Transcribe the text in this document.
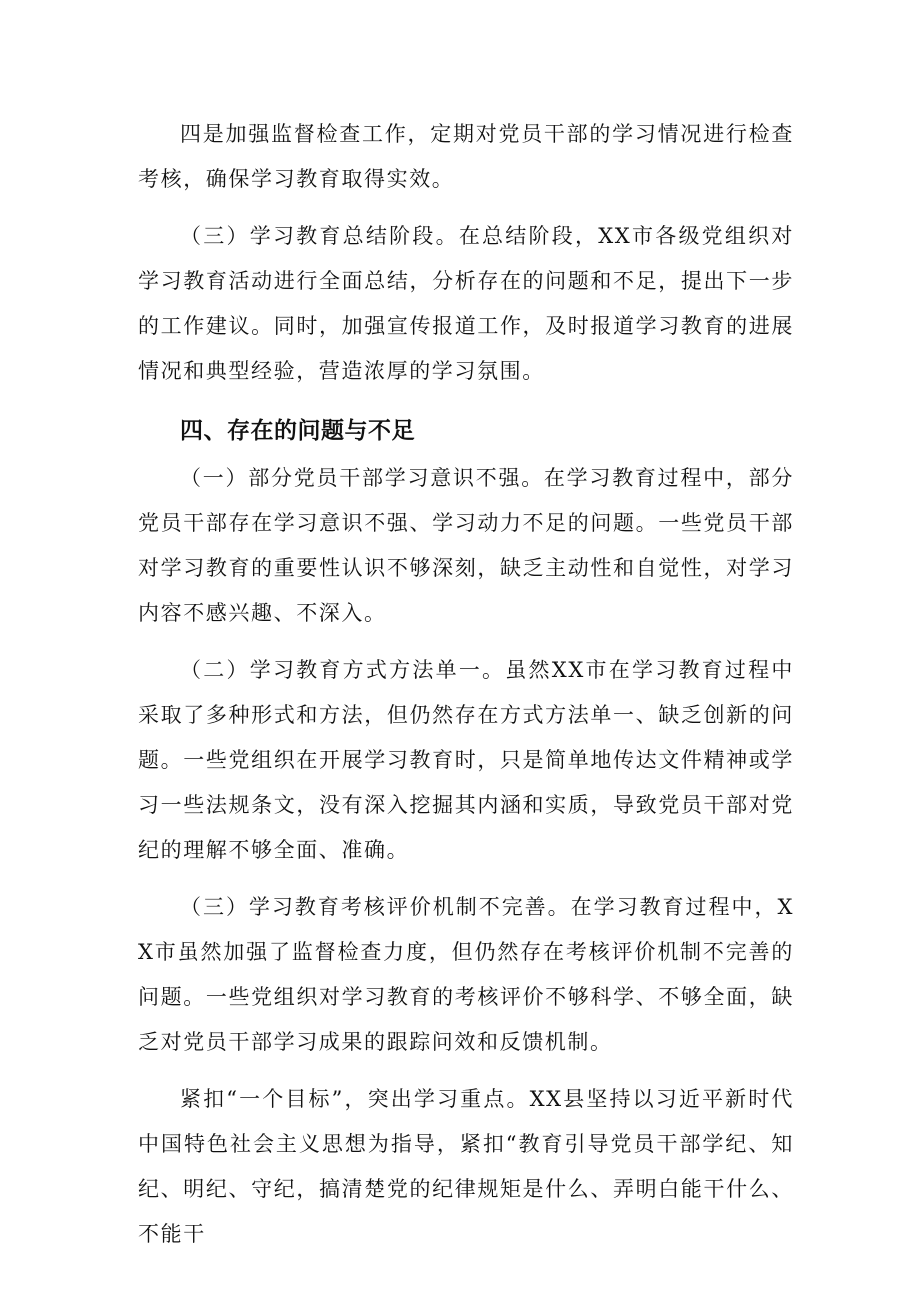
四是加强监督检查工作，定期对党员干部的学习情况进行检查考核，确保学习教育取得实效。

（三）学习教育总结阶段。在总结阶段，XX市各级党组织对学习教育活动进行全面总结，分析存在的问题和不足，提出下一步的工作建议。同时，加强宣传报道工作，及时报道学习教育的进展情况和典型经验，营造浓厚的学习氛围。

四、存在的问题与不足

（一）部分党员干部学习意识不强。在学习教育过程中，部分党员干部存在学习意识不强、学习动力不足的问题。一些党员干部对学习教育的重要性认识不够深刻，缺乏主动性和自觉性，对学习内容不感兴趣、不深入。

（二）学习教育方式方法单一。虽然XX市在学习教育过程中采取了多种形式和方法，但仍然存在方式方法单一、缺乏创新的问题。一些党组织在开展学习教育时，只是简单地传达文件精神或学习一些法规条文，没有深入挖掘其内涵和实质，导致党员干部对党纪的理解不够全面、准确。

（三）学习教育考核评价机制不完善。在学习教育过程中，XX市虽然加强了监督检查力度，但仍然存在考核评价机制不完善的问题。一些党组织对学习教育的考核评价不够科学、不够全面，缺乏对党员干部学习成果的跟踪问效和反馈机制。

紧扣“一个目标”，突出学习重点。XX县坚持以习近平新时代中国特色社会主义思想为指导，紧扣“教育引导党员干部学纪、知纪、明纪、守纪，搞清楚党的纪律规矩是什么、弄明白能干什么、不能干
